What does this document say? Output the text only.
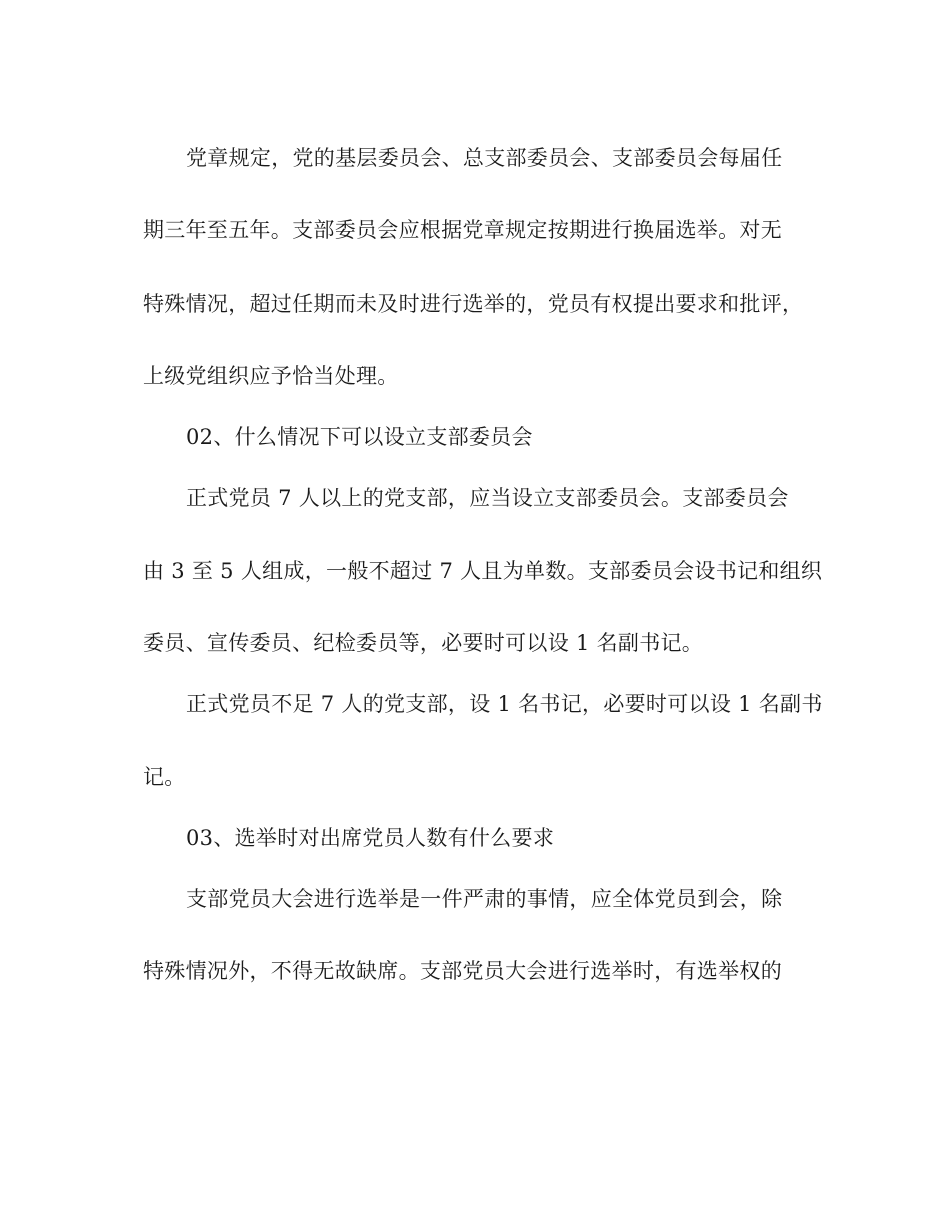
党章规定，党的基层委员会、总支部委员会、支部委员会每届任
期三年至五年。支部委员会应根据党章规定按期进行换届选举。对无
特殊情况，超过任期而未及时进行选举的，党员有权提出要求和批评，
上级党组织应予恰当处理。
02、什么情况下可以设立支部委员会
正式党员 7 人以上的党支部，应当设立支部委员会。支部委员会
由 3 至 5 人组成，一般不超过 7 人且为单数。支部委员会设书记和组织
委员、宣传委员、纪检委员等，必要时可以设 1 名副书记。
正式党员不足 7 人的党支部，设 1 名书记，必要时可以设 1 名副书
记。
03、选举时对出席党员人数有什么要求
支部党员大会进行选举是一件严肃的事情，应全体党员到会，除
特殊情况外，不得无故缺席。支部党员大会进行选举时，有选举权的
